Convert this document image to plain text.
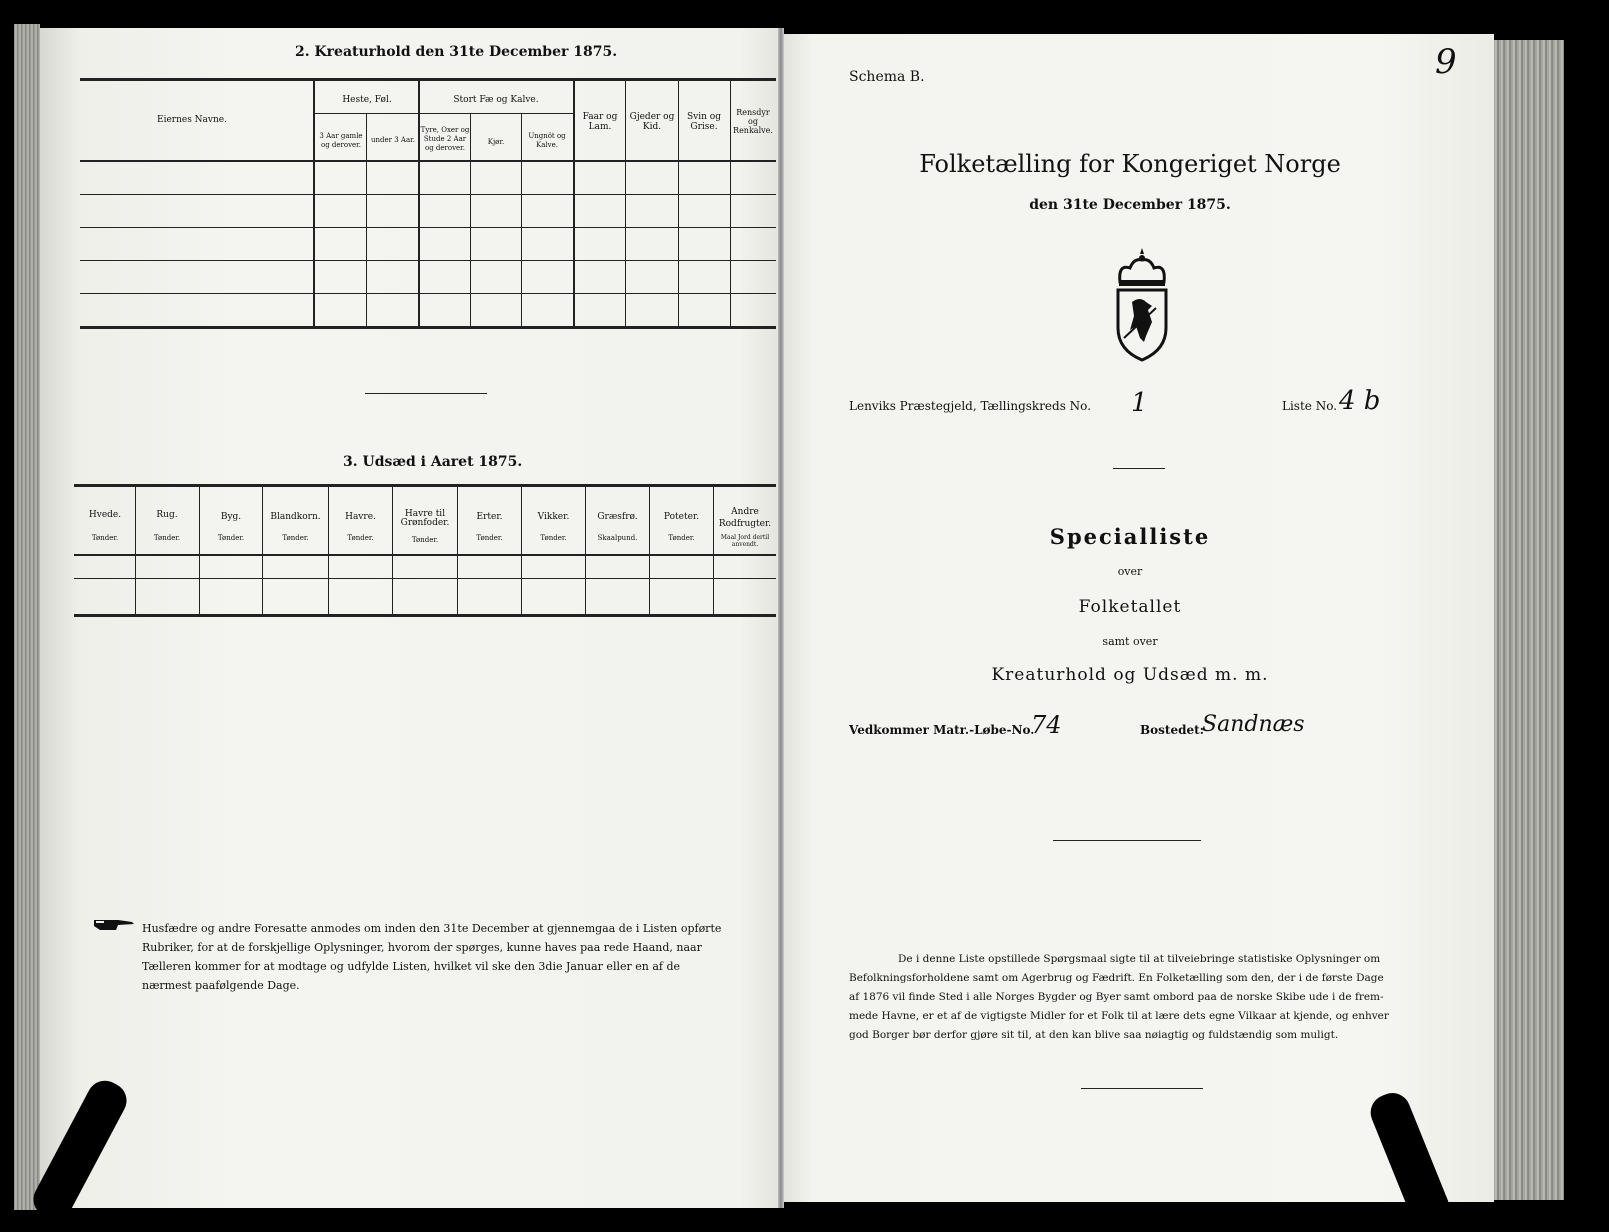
9
2. Kreaturhold den 31te December 1875.
Eiernes Navne.
Heste, Føl.
3 Aar gamle og derover.
under 3 Aar.
Stort Fæ og Kalve.
Tyre, Oxer og Stude 2 Aar og derover.
Kjør.
Ungnöt og Kalve.
Faar og Lam.
Gjeder og Kid.
Svin og Grise.
Rensdyr og Renkalve.
3. Udsæd i Aaret 1875.
Hvede.
Tønder.
Rug.
Tønder.
Byg.
Tønder.
Blandkorn.
Tønder.
Havre.
Tønder.
Havre til Grønfoder.
Tønder.
Erter.
Tønder.
Vikker.
Tønder.
Græsfrø.
Skaalpund.
Poteter.
Tønder.
Andre Rodfrugter.
Maal Jord dertil anvendt.
Husfædre og andre Foresatte anmodes om inden den 31te December at gjennemgaa de i Listen opførte
Rubriker, for at de forskjellige Oplysninger, hvorom der spørges, kunne haves paa rede Haand, naar
Tælleren kommer for at modtage og udfylde Listen, hvilket vil ske den 3die Januar eller en af de
nærmest paafølgende Dage.
Schema B.
Folketælling for Kongeriget Norge
den 31te December 1875.
Lenviks Præstegjeld, Tællingskreds No. 1	Liste No. 4 b
Specialliste
over
Folketallet
samt over
Kreaturhold og Udsæd m. m.
Vedkommer Matr.-Løbe-No.
74	Bostedet:
Sandnæs
De i denne Liste opstillede Spørgsmaal sigte til at tilveiebringe statistiske Oplysninger om
Befolkningsforholdene samt om Agerbrug og Fædrift. En Folketælling som den, der i de første Dage
af 1876 vil finde Sted i alle Norges Bygder og Byer samt ombord paa de norske Skibe ude i de frem-
mede Havne, er et af de vigtigste Midler for et Folk til at lære dets egne Vilkaar at kjende, og enhver
god Borger bør derfor gjøre sit til, at den kan blive saa nøiagtig og fuldstændig som muligt.
